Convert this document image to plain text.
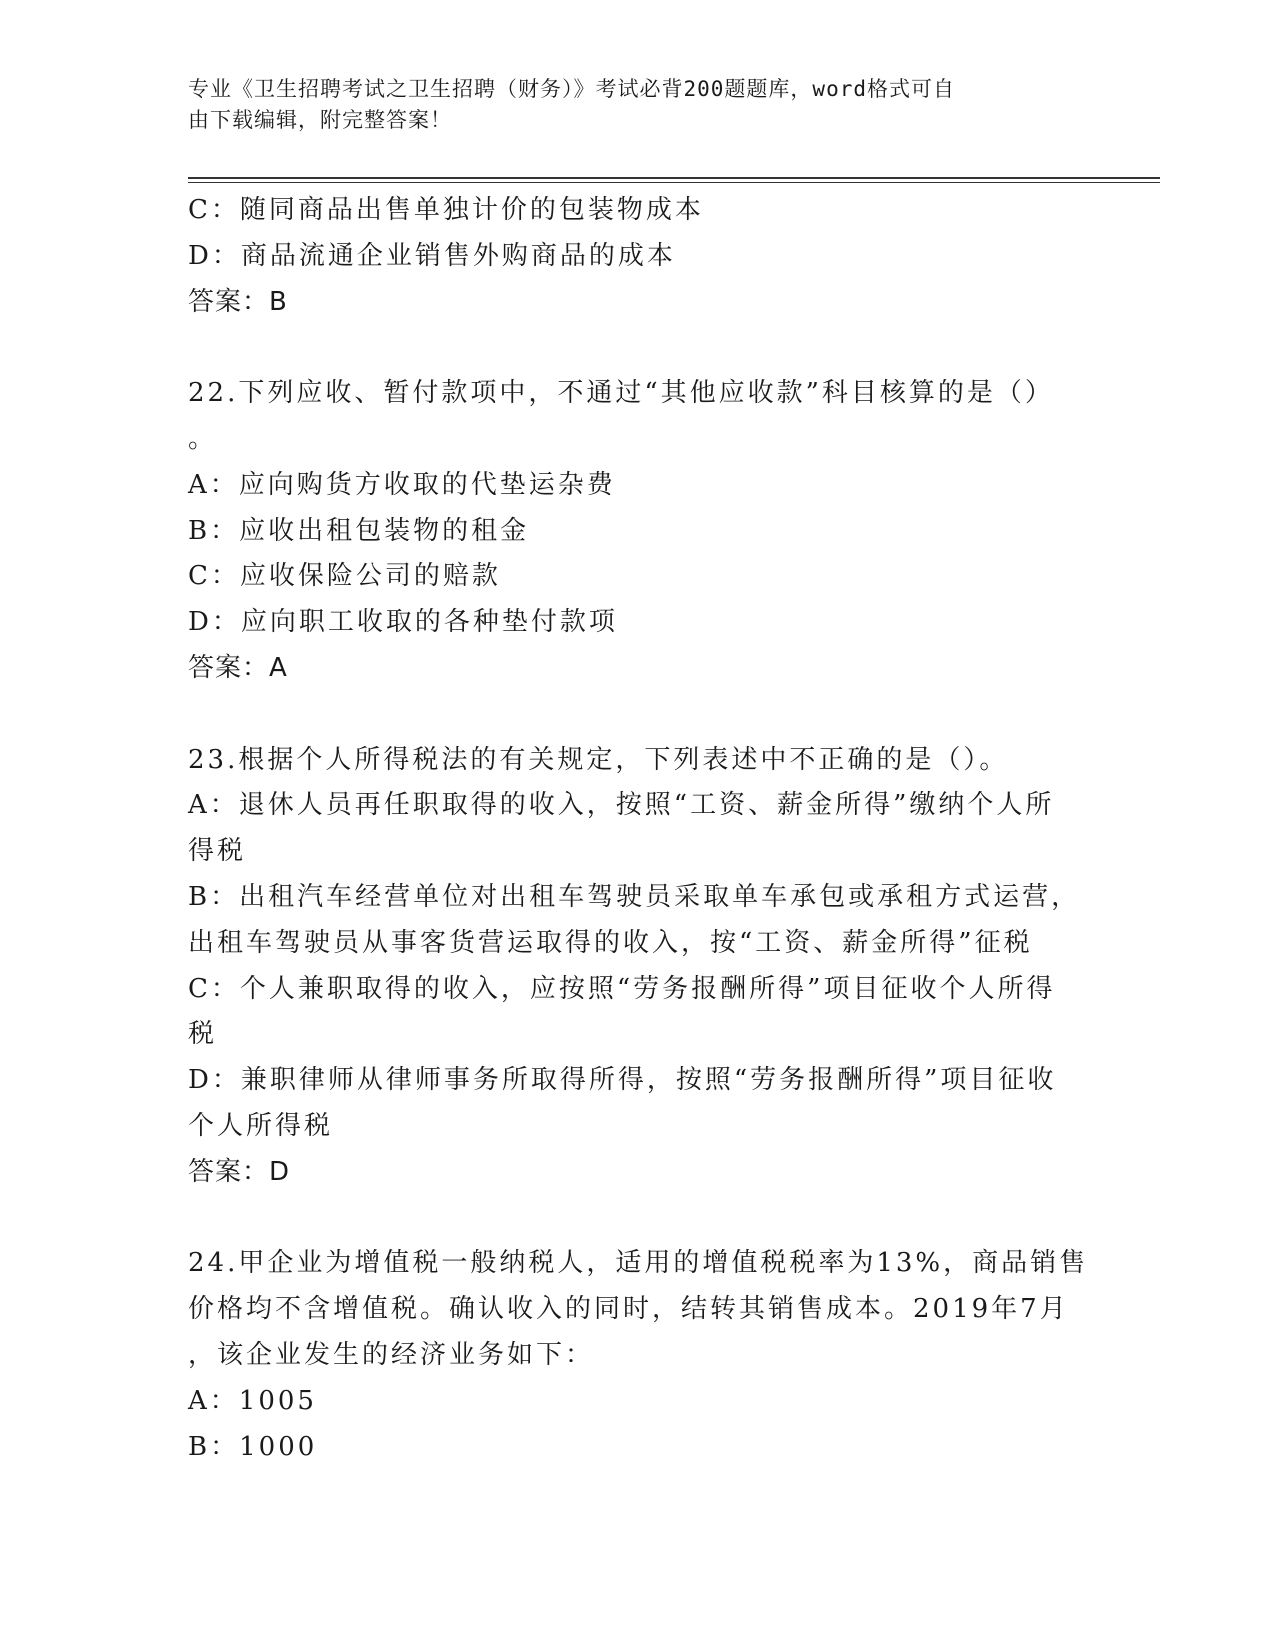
专业《卫生招聘考试之卫生招聘（财务）》考试必背200题题库，word格式可自
由下载编辑，附完整答案！
C：随同商品出售单独计价的包装物成本
D：商品流通企业销售外购商品的成本
答案：B
22.下列应收、暂付款项中，不通过“其他应收款”科目核算的是（）
。
A：应向购货方收取的代垫运杂费
B：应收出租包装物的租金
C：应收保险公司的赔款
D：应向职工收取的各种垫付款项
答案：A
23.根据个人所得税法的有关规定，下列表述中不正确的是（）。
A：退休人员再任职取得的收入，按照“工资、薪金所得”缴纳个人所
得税
B：出租汽车经营单位对出租车驾驶员采取单车承包或承租方式运营，
出租车驾驶员从事客货营运取得的收入，按“工资、薪金所得”征税
C：个人兼职取得的收入，应按照“劳务报酬所得”项目征收个人所得
税
D：兼职律师从律师事务所取得所得，按照“劳务报酬所得”项目征收
个人所得税
答案：D
24.甲企业为增值税一般纳税人，适用的增值税税率为13%，商品销售
价格均不含增值税。确认收入的同时，结转其销售成本。2019年7月
，该企业发生的经济业务如下：
A：1005
B：1000
